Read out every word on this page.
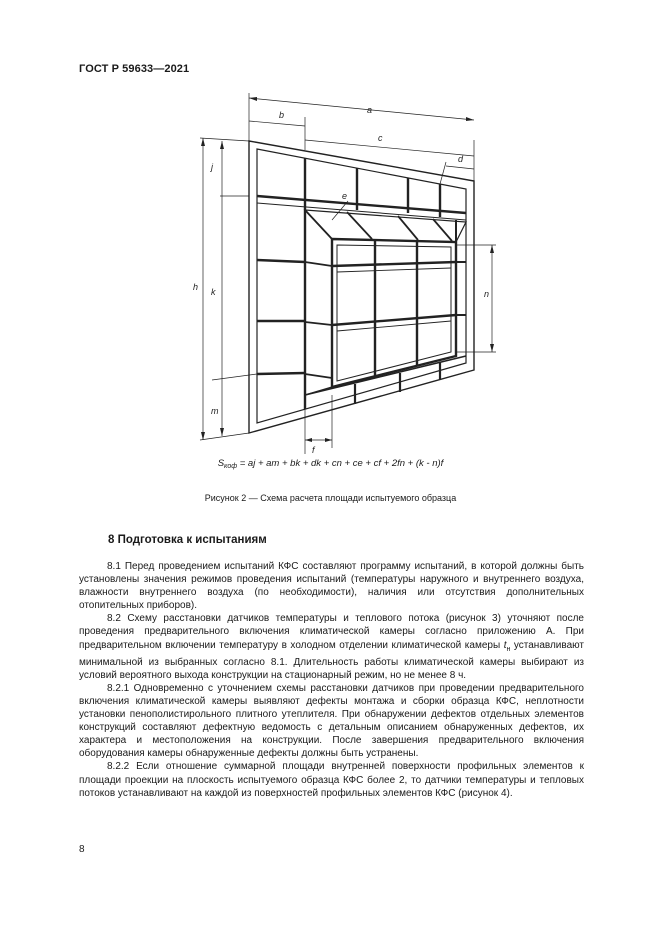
ГОСТ Р 59633—2021
a
b
c
d
e
j
h k
m
n
f
$S_{коф}$ = aj + am + bk + dk + cn + ce + cf + 2fn + (k - n)f
Рисунок 2 — Схема расчета площади испытуемого образца
8 Подготовка к испытаниям

8.1 Перед проведением испытаний КФС составляют программу испытаний, в которой должны быть установлены значения режимов проведения испытаний (температуры наружного и внутреннего воздуха, влажности внутреннего воздуха (по необходимости), наличия или отсутствия дополнительных отопительных приборов).

8.2 Схему расстановки датчиков температуры и теплового потока (рисунок 3) уточняют после проведения предварительного включения климатической камеры согласно приложению А. При предварительном включении температуру в холодном отделении климатической камеры $t_н$ устанавливают минимальной из выбранных согласно 8.1. Длительность работы климатической камеры выбирают из условий вероятного выхода конструкции на стационарный режим, но не менее 8 ч.

8.2.1 Одновременно с уточнением схемы расстановки датчиков при проведении предварительного включения климатической камеры выявляют дефекты монтажа и сборки образца КФС, неплотности установки пенополистирольного плитного утеплителя. При обнаружении дефектов отдельных элементов конструкций составляют дефектную ведомость с детальным описанием обнаруженных дефектов, их характера и местоположения на конструкции. После завершения предварительного включения оборудования камеры обнаруженные дефекты должны быть устранены.

8.2.2 Если отношение суммарной площади внутренней поверхности профильных элементов к площади проекции на плоскость испытуемого образца КФС более 2, то датчики температуры и тепловых потоков устанавливают на каждой из поверхностей профильных элементов КФС (рисунок 4).

8
